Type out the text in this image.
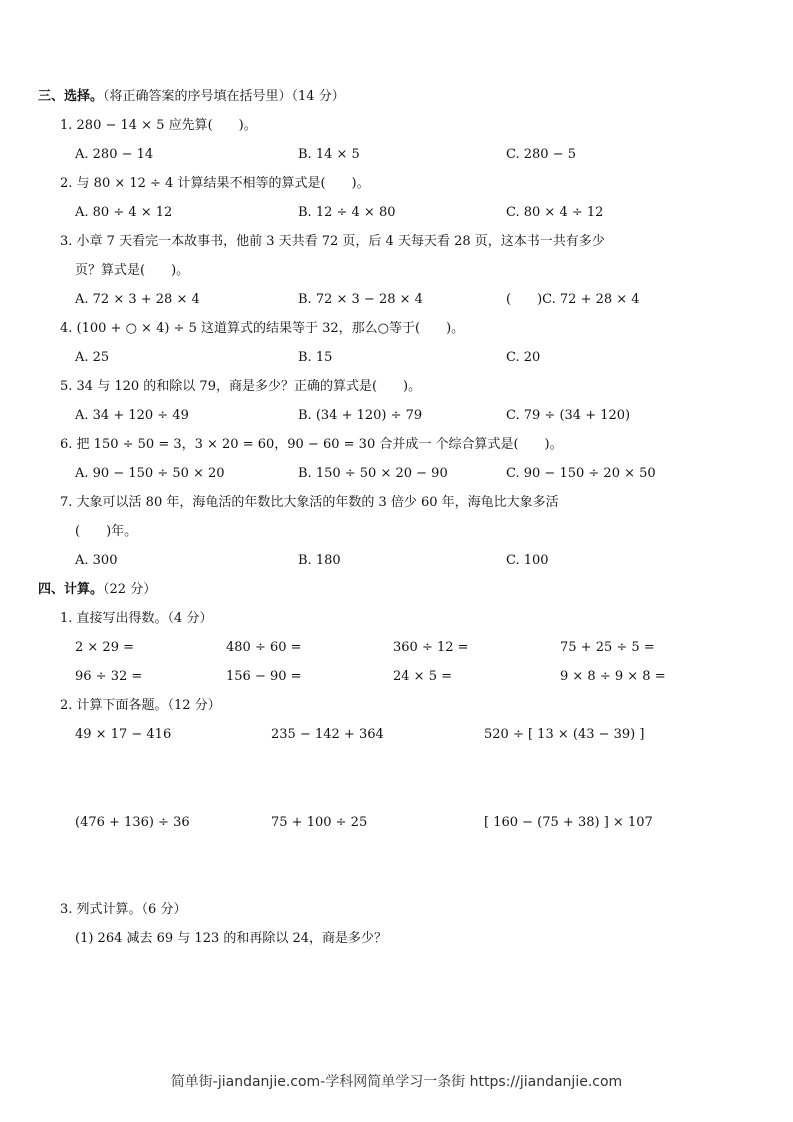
三、选择。（将正确答案的序号填在括号里）（14 分）
1. 280 − 14 × 5 应先算(　　)。
A. 280 − 14	B. 14 × 5	C. 280 − 5
2. 与 80 × 12 ÷ 4 计算结果不相等的算式是(　　)。
A. 80 ÷ 4 × 12	B. 12 ÷ 4 × 80	C. 80 × 4 ÷ 12
3. 小章 7 天看完一本故事书，他前 3 天共看 72 页，后 4 天每天看 28 页，这本书一共有多少
页？算式是(　　)。
A. 72 × 3 + 28 × 4	B. 72 × 3 − 28 × 4	(　　)C. 72 + 28 × 4
4. (100 + ○ × 4) ÷ 5 这道算式的结果等于 32，那么○等于(　　)。
A. 25	B. 15	C. 20
5. 34 与 120 的和除以 79，商是多少？正确的算式是(　　)。
A. 34 + 120 ÷ 49	B. (34 + 120) ÷ 79	C. 79 ÷ (34 + 120)
6. 把 150 ÷ 50 = 3，3 × 20 = 60，90 − 60 = 30 合并成一 个综合算式是(　　)。
A. 90 − 150 ÷ 50 × 20	B. 150 ÷ 50 × 20 − 90	C. 90 − 150 ÷ 20 × 50
7. 大象可以活 80 年，海龟活的年数比大象活的年数的 3 倍少 60 年，海龟比大象多活
(　　)年。
A. 300	B. 180	C. 100
四、计算。（22 分）
1. 直接写出得数。（4 分）
2 × 29 =	480 ÷ 60 =	360 ÷ 12 =	75 + 25 ÷ 5 =
96 ÷ 32 =	156 − 90 =	24 × 5 =	9 × 8 ÷ 9 × 8 =
2. 计算下面各题。（12 分）
49 × 17 − 416	235 − 142 + 364	520 ÷ [ 13 × (43 − 39) ]
(476 + 136) ÷ 36	75 + 100 ÷ 25	[ 160 − (75 + 38) ] × 107
3. 列式计算。（6 分）
(1) 264 减去 69 与 123 的和再除以 24，商是多少？
简单街-jiandanjie.com-学科网简单学习一条街 https://jiandanjie.com
